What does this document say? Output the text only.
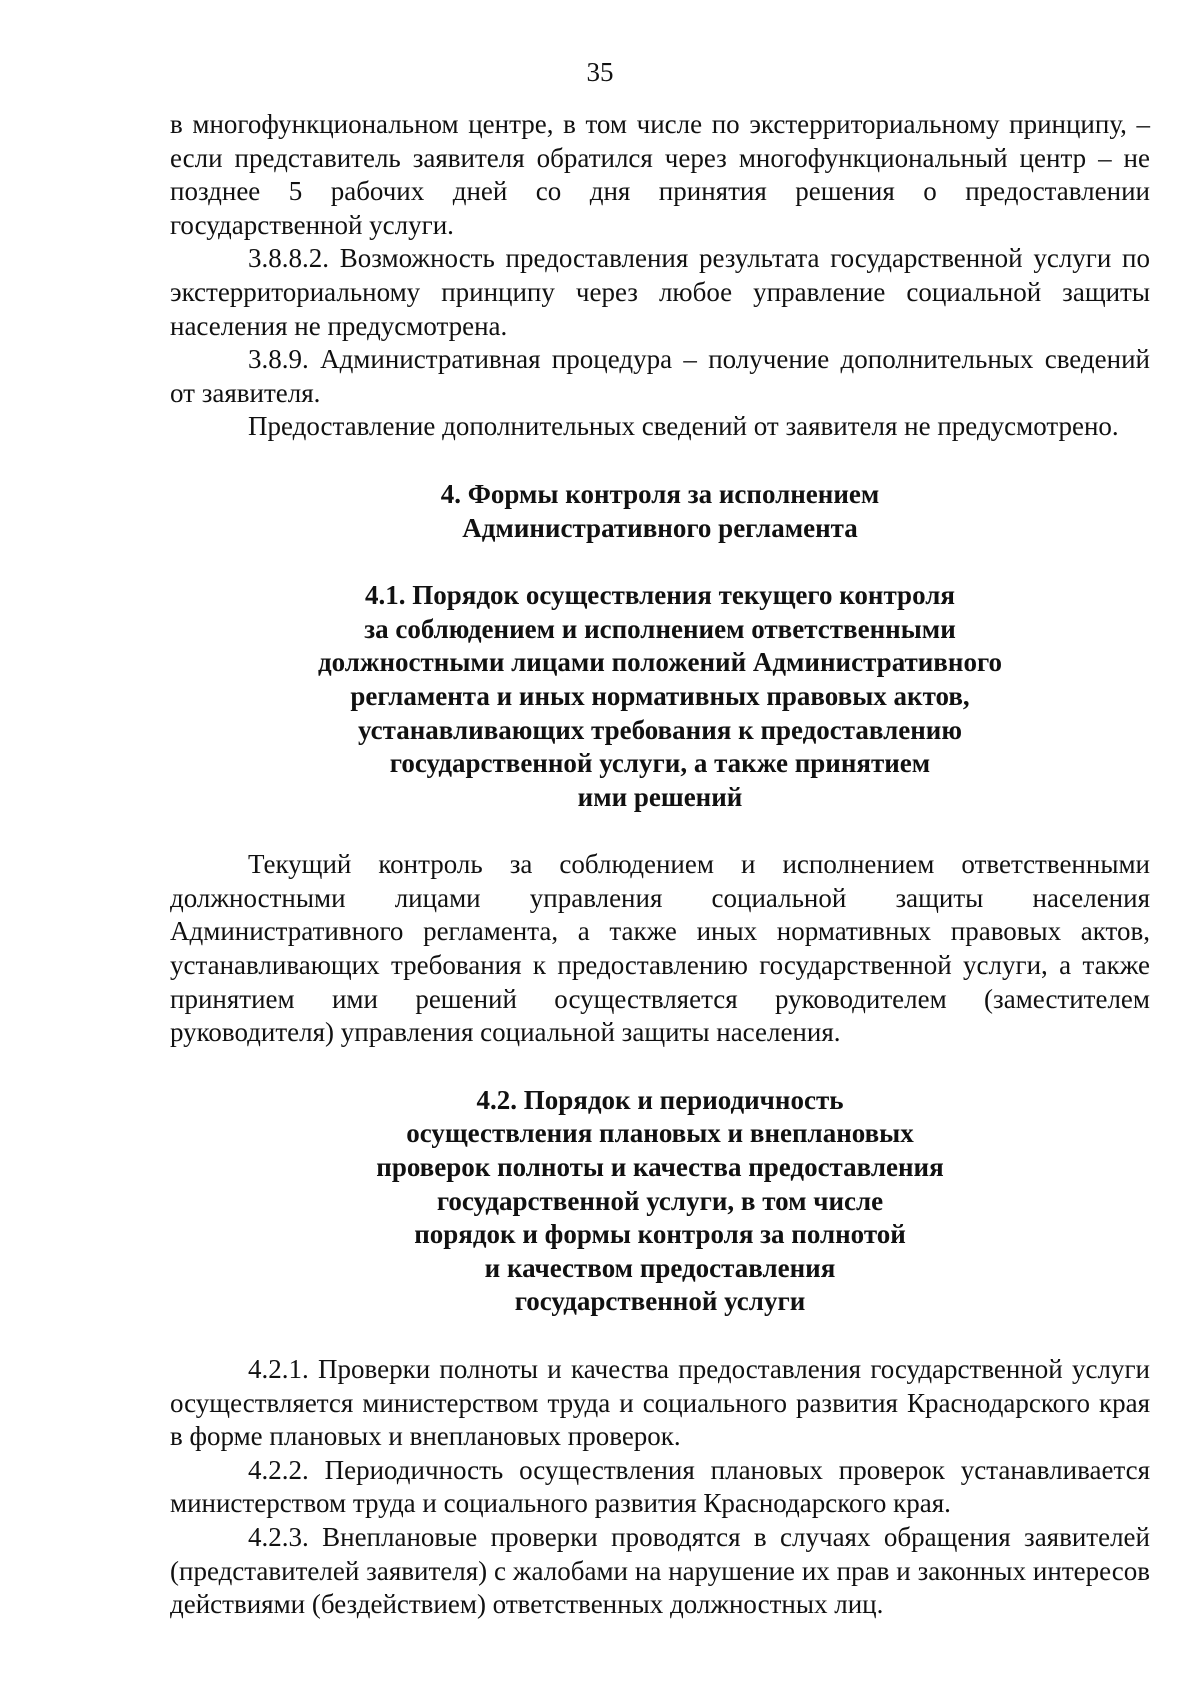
35

в многофункциональном центре, в том числе по экстерриториальному принципу, – если представитель заявителя обратился через многофункциональный центр – не позднее 5 рабочих дней со дня принятия решения о предоставлении государственной услуги.

3.8.8.2. Возможность предоставления результата государственной услуги по экстерриториальному принципу через любое управление социальной защиты населения не предусмотрена.

3.8.9. Административная процедура – получение дополнительных сведений от заявителя.

Предоставление дополнительных сведений от заявителя не предусмотрено.

4. Формы контроля за исполнением
Административного регламента
4.1. Порядок осуществления текущего контроля
за соблюдением и исполнением ответственными
должностными лицами положений Административного
регламента и иных нормативных правовых актов,
устанавливающих требования к предоставлению
государственной услуги, а также принятием
ими решений

Текущий контроль за соблюдением и исполнением ответственными должностными лицами управления социальной защиты населения Административного регламента, а также иных нормативных правовых актов, устанавливающих требования к предоставлению государственной услуги, а также принятием ими решений осуществляется руководителем (заместителем руководителя) управления социальной защиты населения.

4.2. Порядок и периодичность
осуществления плановых и внеплановых
проверок полноты и качества предоставления
государственной услуги, в том числе
порядок и формы контроля за полнотой
и качеством предоставления
государственной услуги

4.2.1. Проверки полноты и качества предоставления государственной услуги осуществляется министерством труда и социального развития Краснодарского края в форме плановых и внеплановых проверок.

4.2.2. Периодичность осуществления плановых проверок устанавливается министерством труда и социального развития Краснодарского края.

4.2.3. Внеплановые проверки проводятся в случаях обращения заявителей (представителей заявителя) с жалобами на нарушение их прав и законных интересов действиями (бездействием) ответственных должностных лиц.
